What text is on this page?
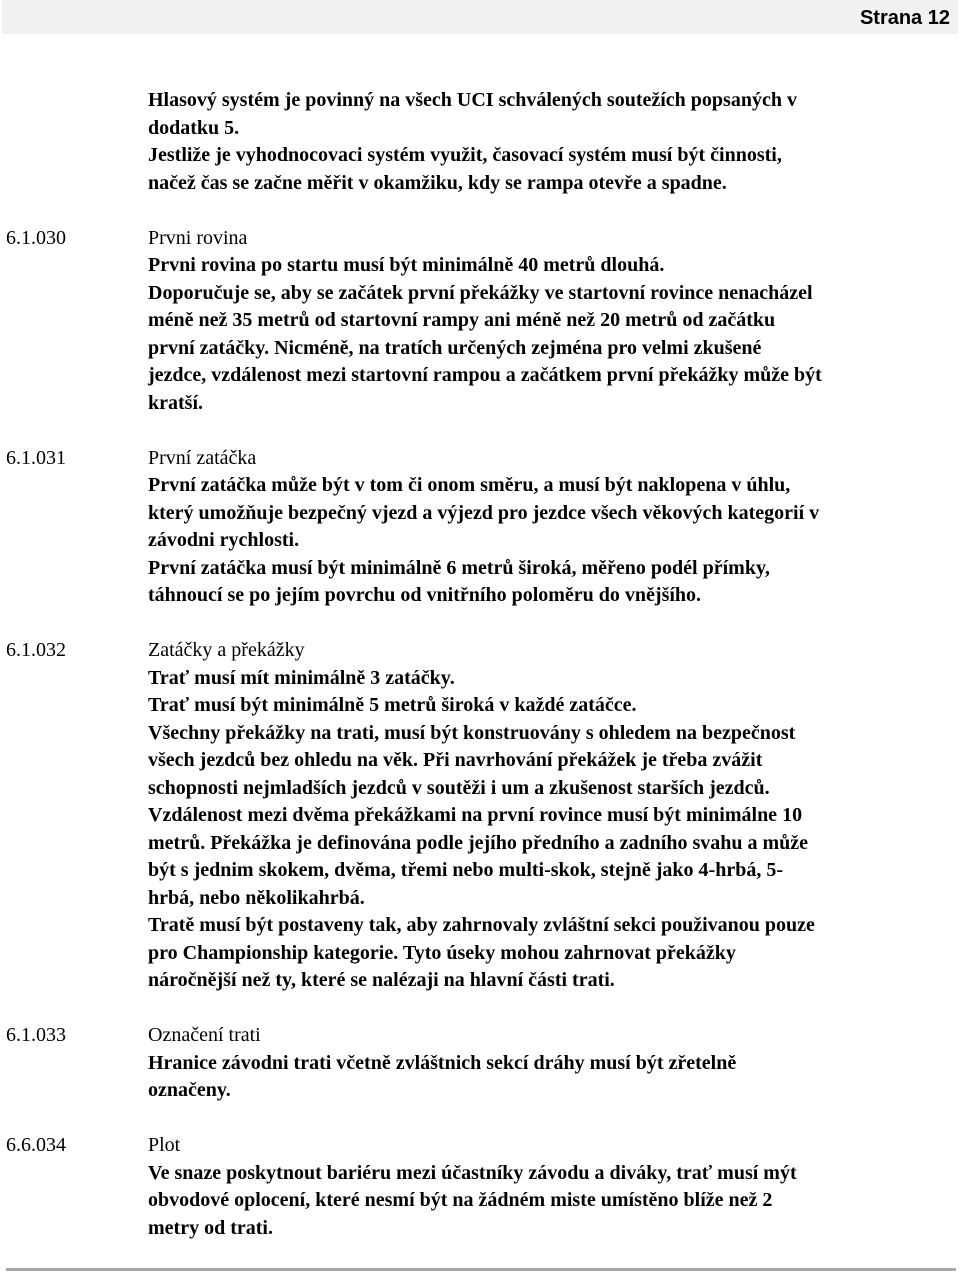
Strana 12
Hlasový systém je povinný na všech UCI schválených soutežích popsaných v
dodatku 5.
Jestliže je vyhodnocovaci systém využit, časovací systém musí být činnosti,
načež čas se začne měřit v okamžiku, kdy se rampa otevře a spadne.
6.1.030	Prvni rovina
Prvni rovina po startu musí být minimálně 40 metrů dlouhá.
Doporučuje se, aby se začátek první překážky ve startovní rovince nenacházel
méně než 35 metrů od startovní rampy ani méně než 20 metrů od začátku
první zatáčky. Nicméně, na tratích určených zejména pro velmi zkušené
jezdce, vzdálenost mezi startovní rampou a začátkem první překážky může být
kratší.
6.1.031	První zatáčka
První zatáčka může být v tom či onom směru, a musí být naklopena v úhlu,
který umožňuje bezpečný vjezd a výjezd pro jezdce všech věkových kategorií v
závodni rychlosti.
První zatáčka musí být minimálně 6 metrů široká, měřeno podél přímky,
táhnoucí se po jejím povrchu od vnitřního poloměru do vnějšího.
6.1.032	Zatáčky a překážky
Trať musí mít minimálně 3 zatáčky.
Trať musí být minimálně 5 metrů široká v každé zatáčce.
Všechny překážky na trati, musí být konstruovány s ohledem na bezpečnost
všech jezdců bez ohledu na věk. Při navrhování překážek je třeba zvážit
schopnosti nejmladších jezdců v soutěži i um a zkušenost starších jezdců.
Vzdálenost mezi dvěma překážkami na první rovince musí být minimálne 10
metrů. Překážka je definována podle jejího předního a zadního svahu a může
být s jednim skokem, dvěma, třemi nebo multi-skok, stejně jako 4-hrbá, 5-
hrbá, nebo několikahrbá.
Tratě musí být postaveny tak, aby zahrnovaly zvláštní sekci použivanou pouze
pro Championship kategorie. Tyto úseky mohou zahrnovat překážky
náročnější než ty, které se nalézaji na hlavní části trati.
6.1.033	Označení trati
Hranice závodni trati včetně zvláštnich sekcí dráhy musí být zřetelně
označeny.
6.6.034	Plot
Ve snaze poskytnout bariéru mezi účastníky závodu a diváky, trať musí mýt
obvodové oplocení, které nesmí být na žádném miste umístěno blíže než 2
metry od trati.
